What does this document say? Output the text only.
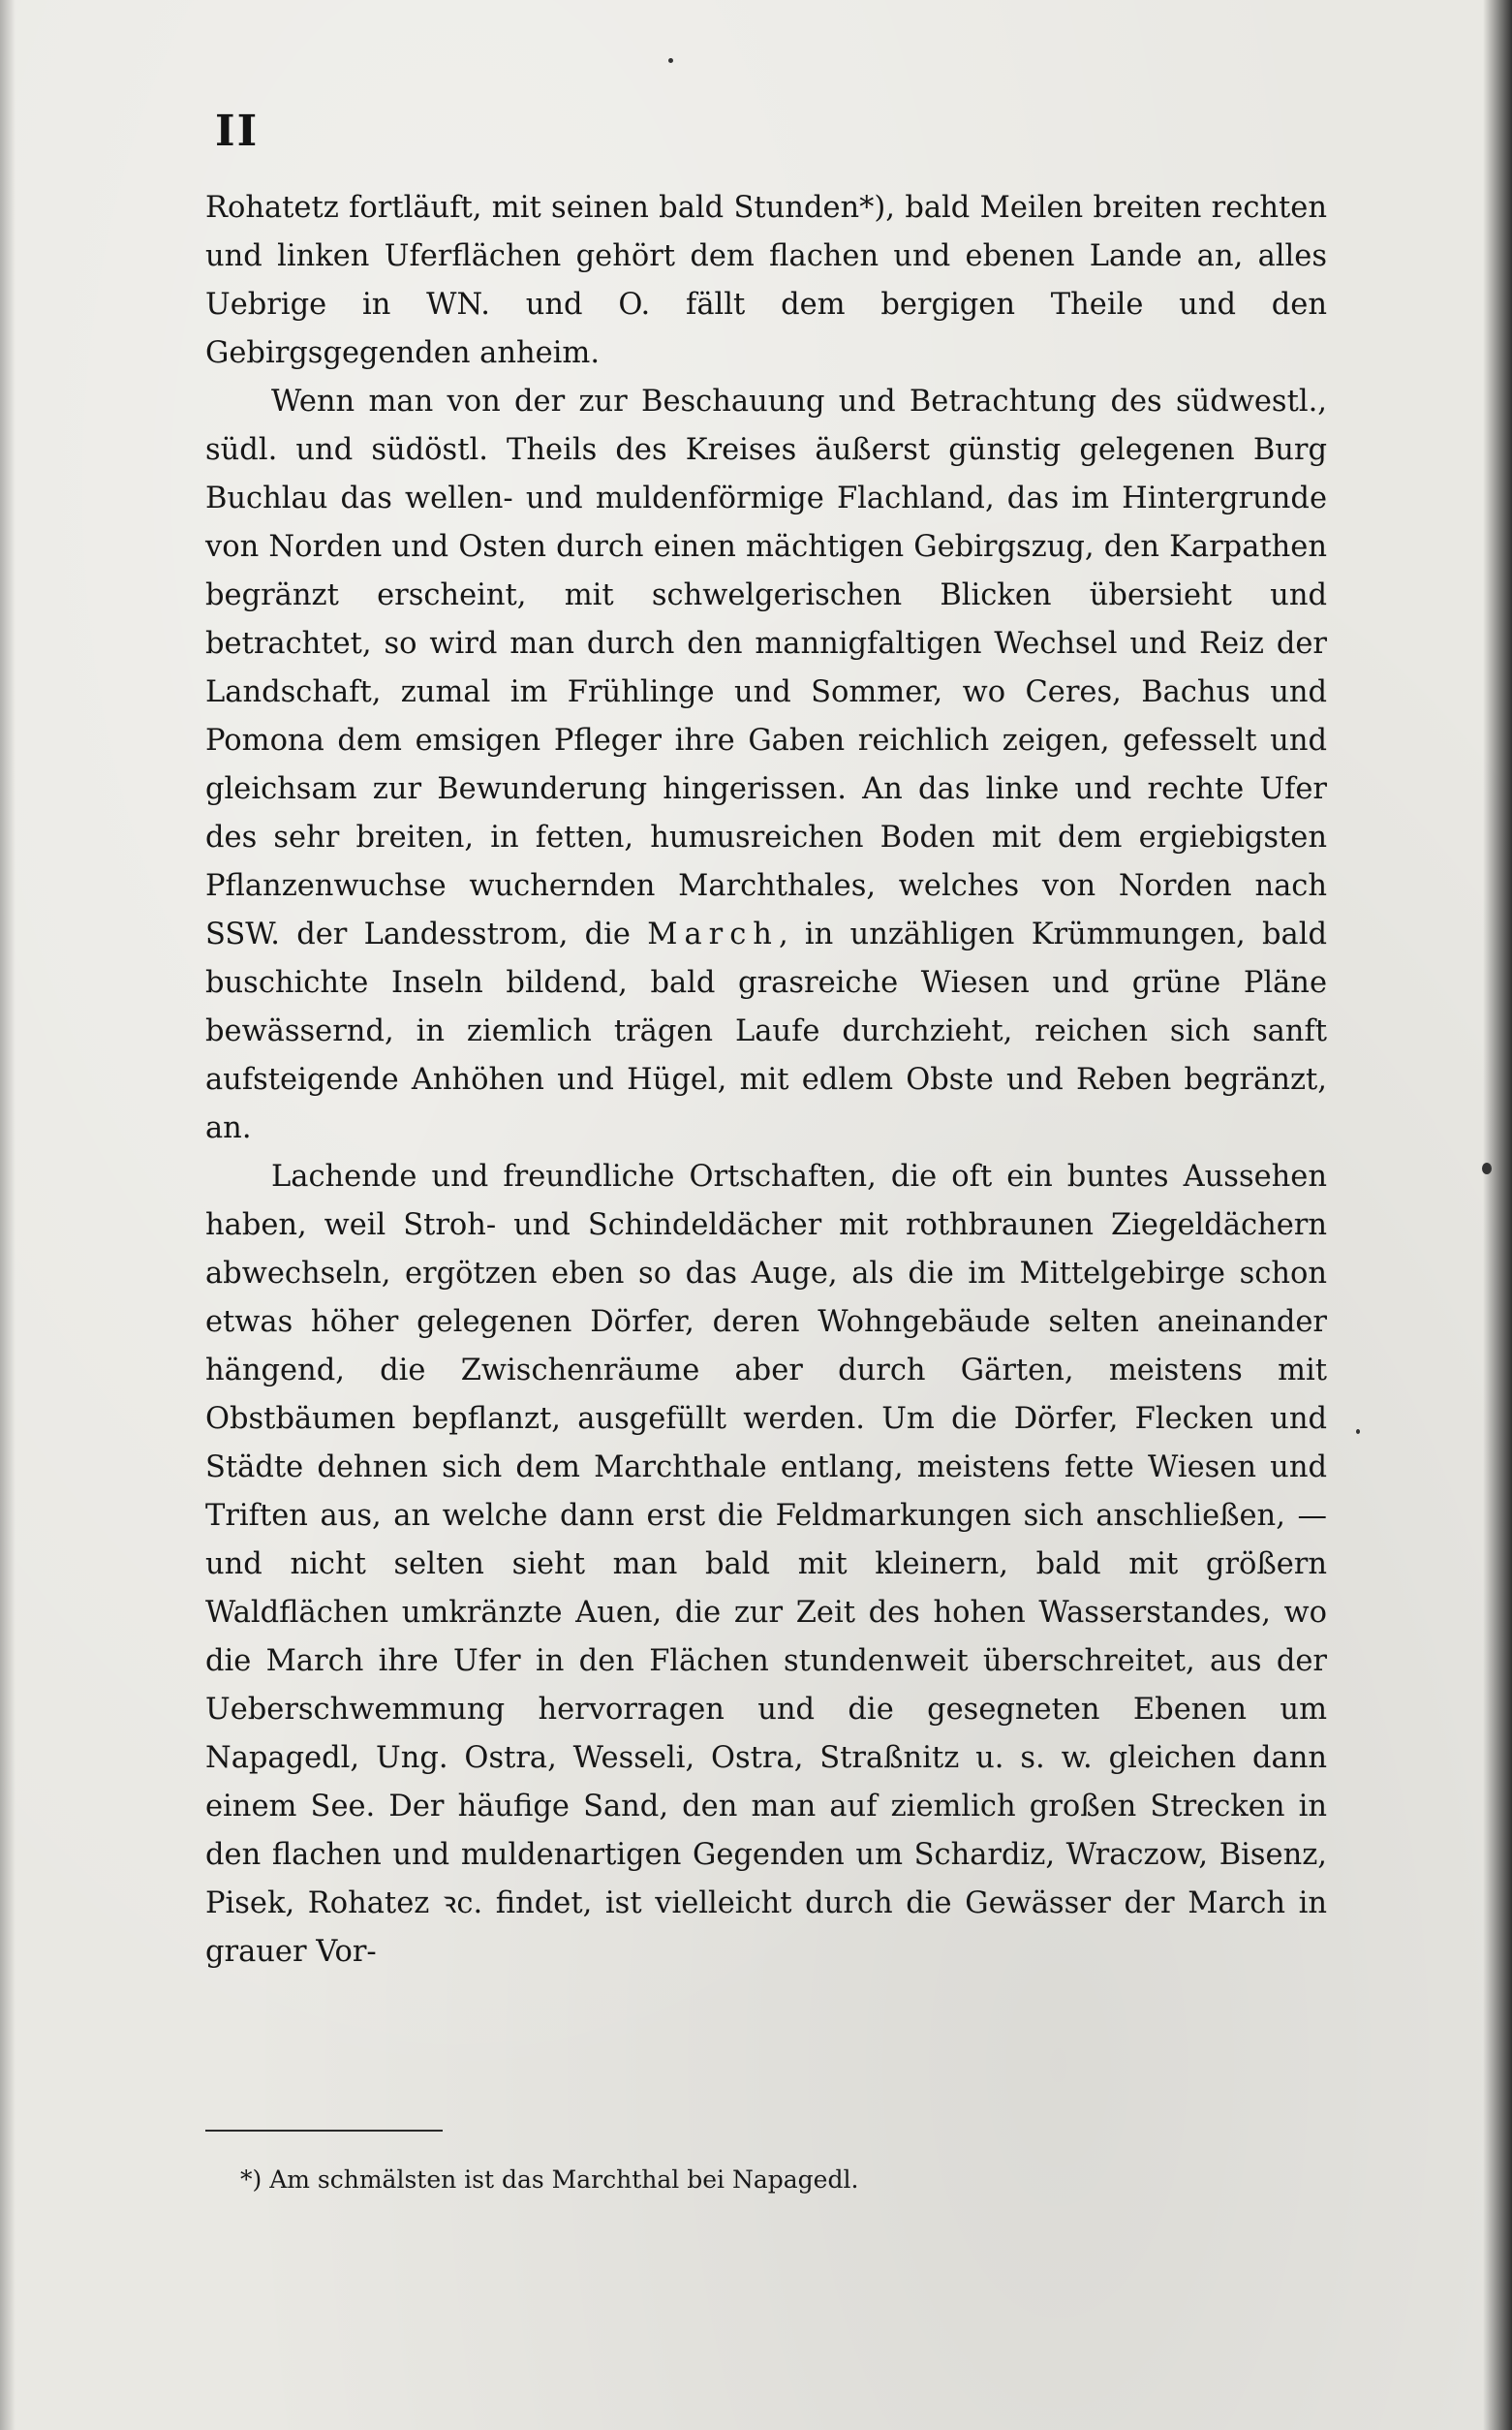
II

Rohatetz fortläuft, mit seinen bald Stunden*), bald Meilen breiten rechten und linken Uferflächen gehört dem flachen und ebenen Lande an, alles Uebrige in WN. und O. fällt dem bergigen Theile und den Gebirgsgegenden anheim.

Wenn man von der zur Beschauung und Betrachtung des südwestl., südl. und südöstl. Theils des Kreises äußerst günstig gelegenen Burg Buchlau das wellen- und muldenförmige Flachland, das im Hintergrunde von Norden und Osten durch einen mächtigen Gebirgszug, den Karpathen begränzt erscheint, mit schwelgerischen Blicken übersieht und betrachtet, so wird man durch den mannigfaltigen Wechsel und Reiz der Landschaft, zumal im Frühlinge und Sommer, wo Ceres, Bachus und Pomona dem emsigen Pfleger ihre Gaben reichlich zeigen, gefesselt und gleichsam zur Bewunderung hingerissen. An das linke und rechte Ufer des sehr breiten, in fetten, humusreichen Boden mit dem ergiebigsten Pflanzenwuchse wuchernden Marchthales, welches von Norden nach SSW. der Landesstrom, die March, in unzähligen Krümmungen, bald buschichte Inseln bildend, bald grasreiche Wiesen und grüne Pläne bewässernd, in ziemlich trägen Laufe durchzieht, reichen sich sanft aufsteigende Anhöhen und Hügel, mit edlem Obste und Reben begränzt, an.

Lachende und freundliche Ortschaften, die oft ein buntes Aussehen haben, weil Stroh- und Schindeldächer mit rothbraunen Ziegeldächern abwechseln, ergötzen eben so das Auge, als die im Mittelgebirge schon etwas höher gelegenen Dörfer, deren Wohngebäude selten aneinander hängend, die Zwischenräume aber durch Gärten, meistens mit Obstbäumen bepflanzt, ausgefüllt werden. Um die Dörfer, Flecken und Städte dehnen sich dem Marchthale entlang, meistens fette Wiesen und Triften aus, an welche dann erst die Feldmarkungen sich anschließen, — und nicht selten sieht man bald mit kleinern, bald mit größern Waldflächen umkränzte Auen, die zur Zeit des hohen Wasserstandes, wo die March ihre Ufer in den Flächen stundenweit überschreitet, aus der Ueberschwemmung hervorragen und die gesegneten Ebenen um Napagedl, Ung. Ostra, Wesseli, Ostra, Straßnitz u. s. w. gleichen dann einem See. Der häufige Sand, den man auf ziemlich großen Strecken in den flachen und muldenartigen Gegenden um Schardiz, Wraczow, Bisenz, Pisek, Rohatez ꝛc. findet, ist vielleicht durch die Gewässer der March in grauer Vor-

*) Am schmälsten ist das Marchthal bei Napagedl.
